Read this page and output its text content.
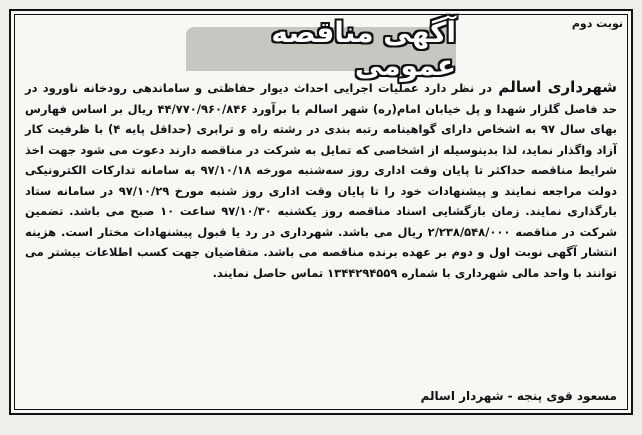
نوبت دوم
آگهی مناقصه عمومی
شهرداری اسالم در نظر دارد عملیات اجرایی احداث دیوار حفاظتی و ساماندهی رودخانه ناورود در حد فاصل گلزار شهدا و پل خیابان امام(ره) شهر اسالم با برآورد ۴۴/۷۷۰/۹۶۰/۸۴۶ ریال بر اساس فهارس بهای سال ۹۷ به اشخاص دارای گواهینامه رتبه بندی در رشته راه و ترابری (حداقل پایه ۴) با ظرفیت کار آزاد واگذار نماید، لذا بدینوسیله از اشخاصی که تمایل به شرکت در مناقصه دارند دعوت می شود جهت اخذ شرایط مناقصه حداکثر تا پایان وقت اداری روز سه‌شنبه مورخه ۹۷/۱۰/۱۸ به سامانه تدارکات الکترونیکی دولت مراجعه نمایند و پیشنهادات خود را تا پایان وقت اداری روز شنبه مورخ ۹۷/۱۰/۲۹ در سامانه ستاد بارگذاری نمایند. زمان بازگشایی اسناد مناقصه روز یکشنبه ۹۷/۱۰/۳۰ ساعت ۱۰ صبح می باشد. تضمین شرکت در مناقصه ۲/۲۳۸/۵۴۸/۰۰۰ ریال می باشد. شهرداری در رد یا قبول پیشنهادات مختار است. هزینه انتشار آگهی نوبت اول و دوم بر عهده برنده مناقصه می باشد. متقاضیان جهت کسب اطلاعات بیشتر می توانند با واحد مالی شهرداری با شماره ۱۳۴۴۲۹۴۵۵۹ تماس حاصل نمایند.
مسعود قوی پنجه - شهردار اسالم
